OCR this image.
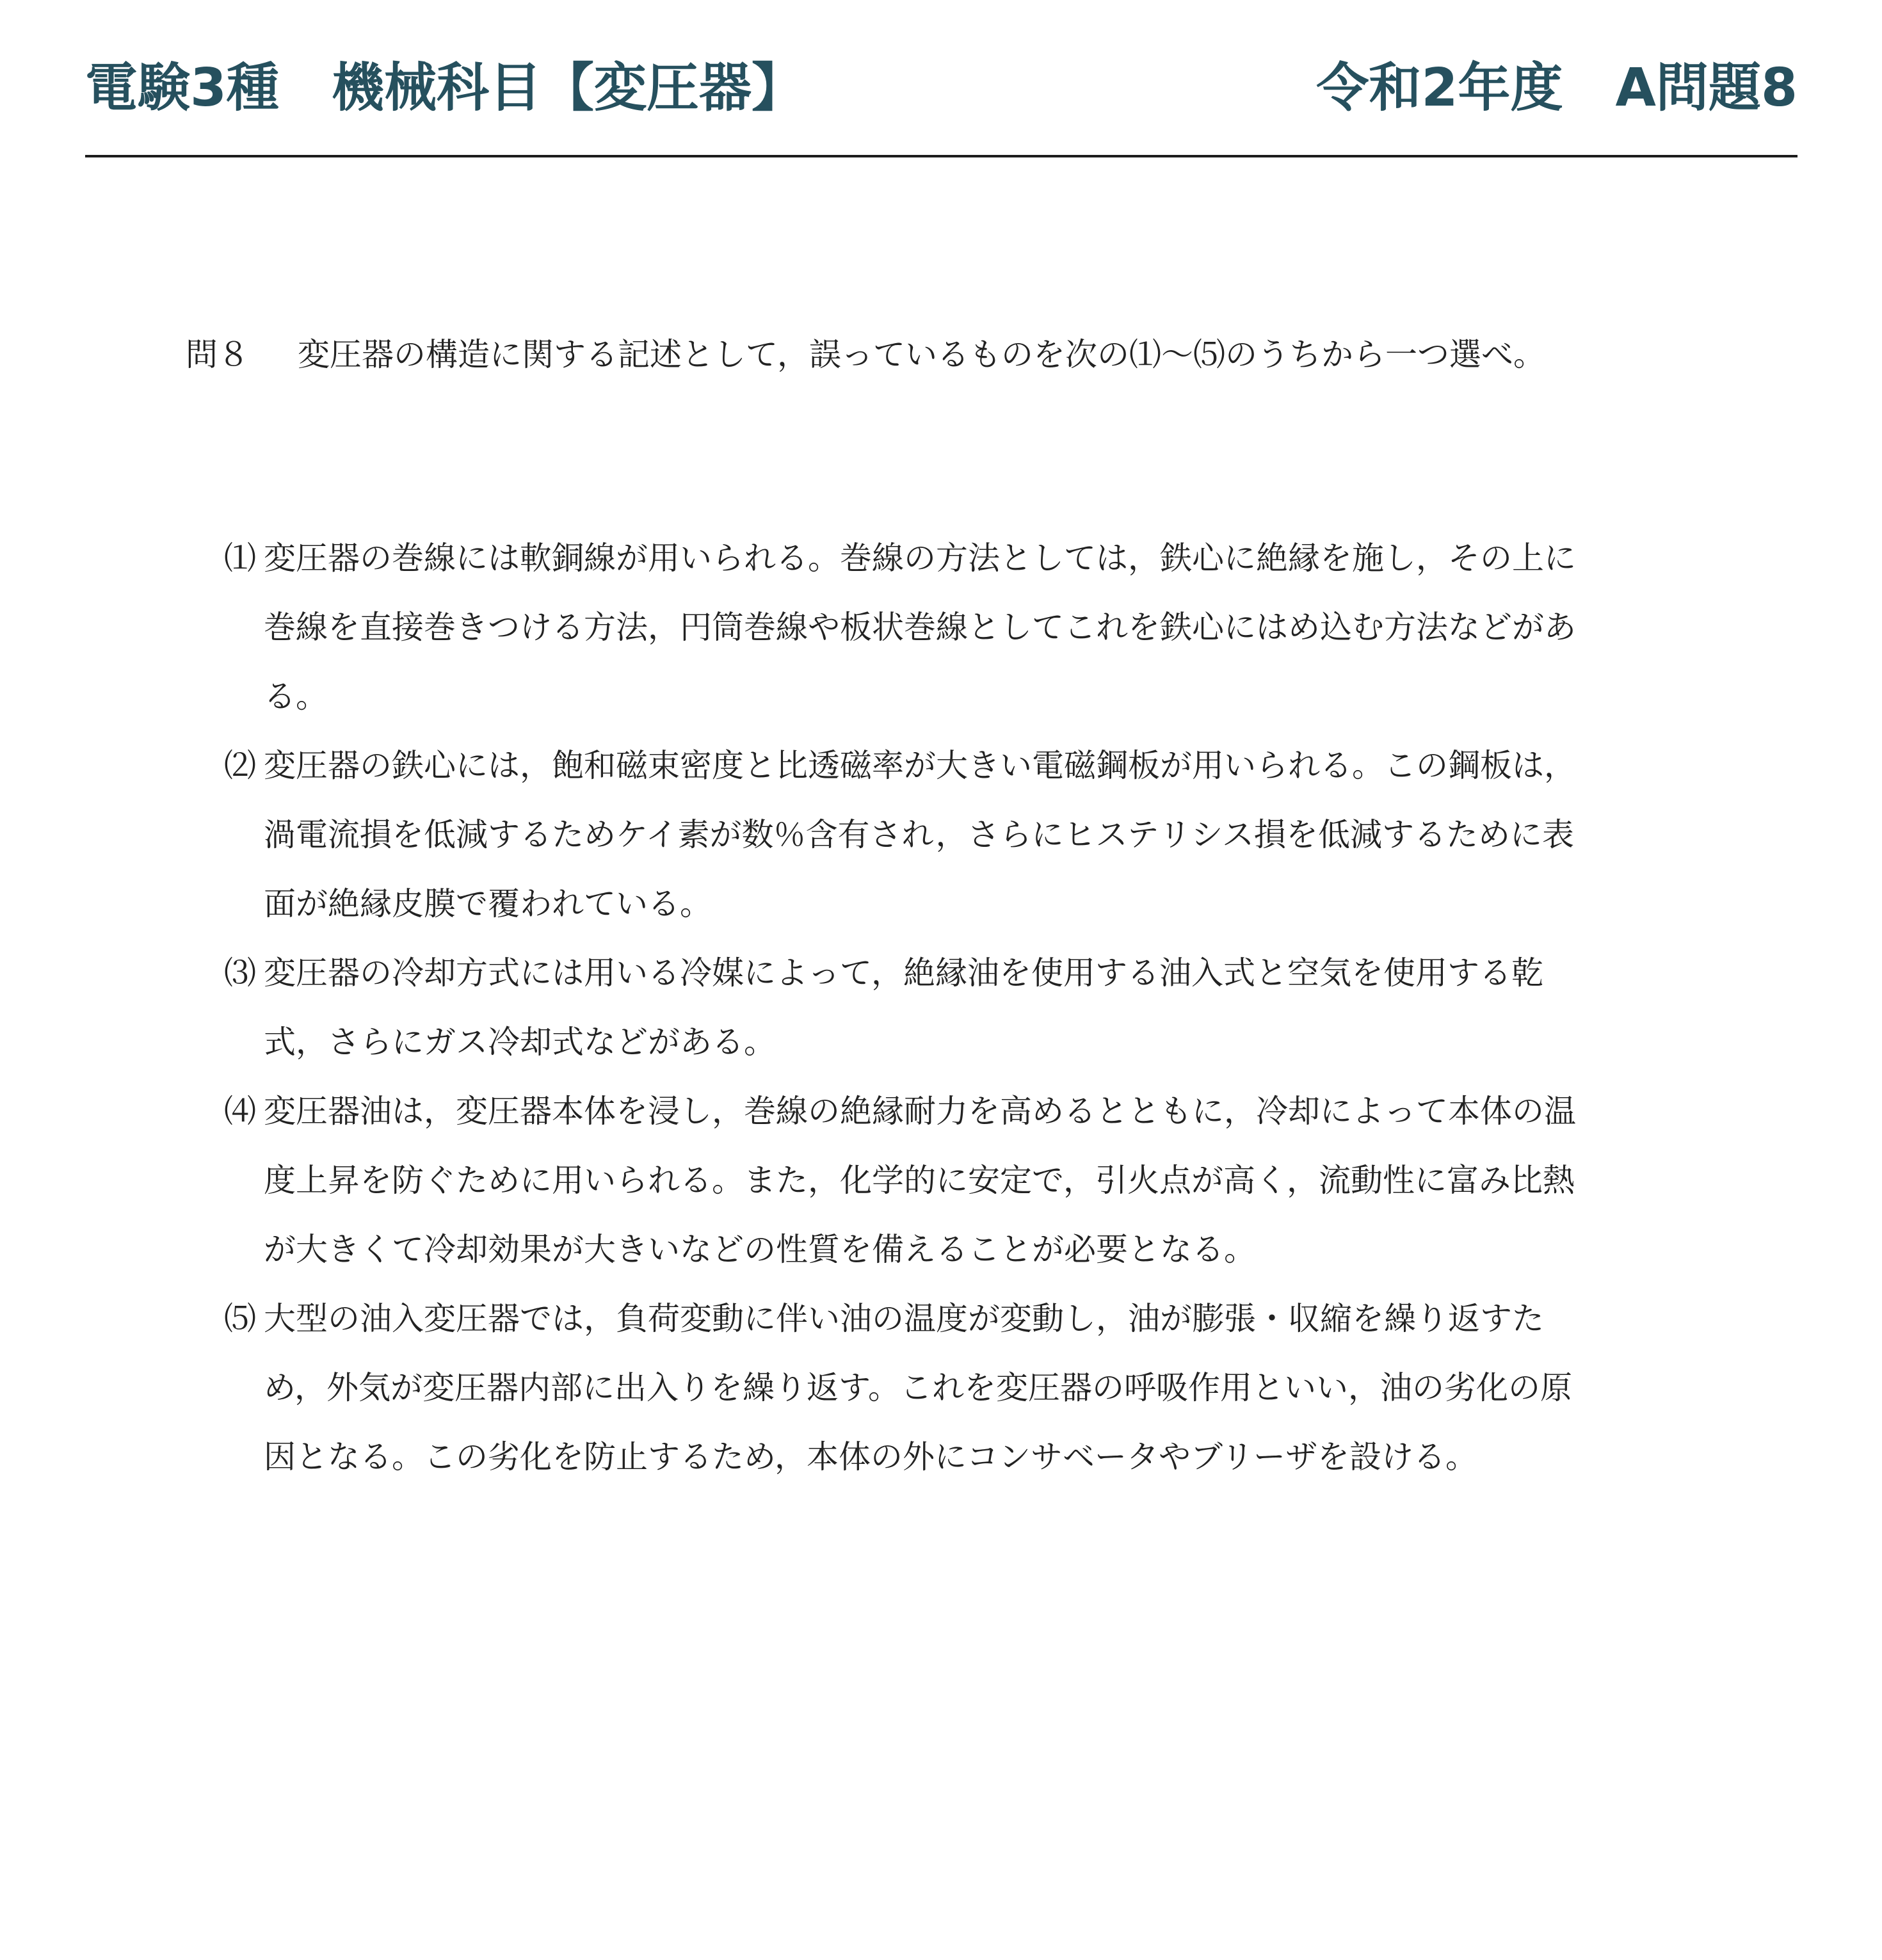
電験3種　機械科目【変圧器】	令和2年度　A問題8
問８	変圧器の構造に関する記述として，誤っているものを次の⑴～⑸のうちから一つ選べ。
⑴ 変圧器の巻線には軟銅線が用いられる。巻線の方法としては，鉄心に絶縁を施し，その上に巻線を直接巻きつける方法，円筒巻線や板状巻線としてこれを鉄心にはめ込む方法などがある。
⑵ 変圧器の鉄心には，飽和磁束密度と比透磁率が大きい電磁鋼板が用いられる。この鋼板は，渦電流損を低減するためケイ素が数％含有され，さらにヒステリシス損を低減するために表面が絶縁皮膜で覆われている。
⑶ 変圧器の冷却方式には用いる冷媒によって，絶縁油を使用する油入式と空気を使用する乾式，さらにガス冷却式などがある。
⑷ 変圧器油は，変圧器本体を浸し，巻線の絶縁耐力を高めるとともに，冷却によって本体の温度上昇を防ぐために用いられる。また，化学的に安定で，引火点が高く，流動性に富み比熱が大きくて冷却効果が大きいなどの性質を備えることが必要となる。
⑸ 大型の油入変圧器では，負荷変動に伴い油の温度が変動し，油が膨張・収縮を繰り返すため，外気が変圧器内部に出入りを繰り返す。これを変圧器の呼吸作用といい，油の劣化の原因となる。この劣化を防止するため，本体の外にコンサベータやブリーザを設ける。
